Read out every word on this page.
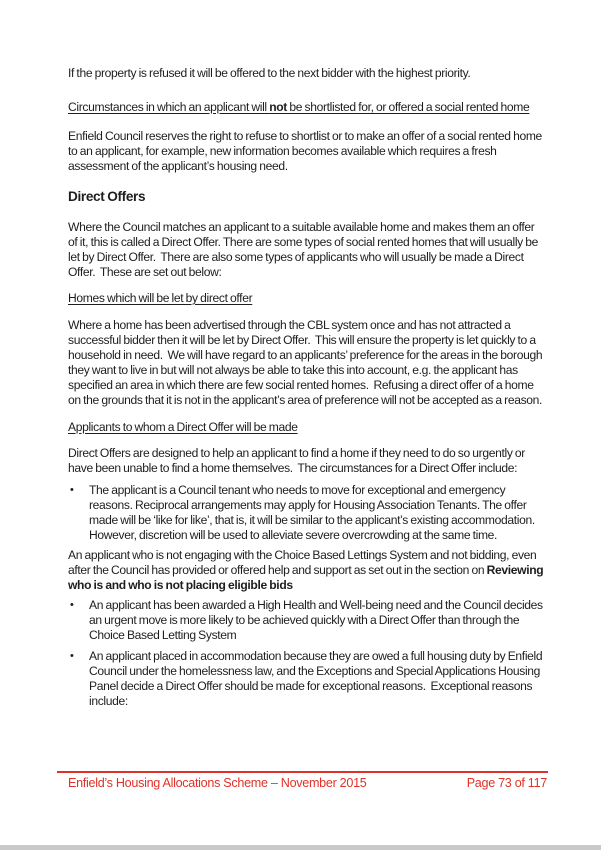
If the property is refused it will be offered to the next bidder with the highest priority.

Circumstances in which an applicant will not be shortlisted for, or offered a social rented home

Enfield Council reserves the right to refuse to shortlist or to make an offer of a social rented home to an applicant, for example, new information becomes available which requires a fresh assessment of the applicant’s housing need.

Direct Offers

Where the Council matches an applicant to a suitable available home and makes them an offer of it, this is called a Direct Offer. There are some types of social rented homes that will usually be let by Direct Offer.  There are also some types of applicants who will usually be made a Direct Offer.  These are set out below:

Homes which will be let by direct offer

Where a home has been advertised through the CBL system once and has not attracted a successful bidder then it will be let by Direct Offer.  This will ensure the property is let quickly to a household in need.  We will have regard to an applicants’ preference for the areas in the borough they want to live in but will not always be able to take this into account, e.g. the applicant has specified an area in which there are few social rented homes.  Refusing a direct offer of a home on the grounds that it is not in the applicant’s area of preference will not be accepted as a reason.

Applicants to whom a Direct Offer will be made

Direct Offers are designed to help an applicant to find a home if they need to do so urgently or have been unable to find a home themselves.  The circumstances for a Direct Offer include:

•	The applicant is a Council tenant who needs to move for exceptional and emergency reasons. Reciprocal arrangements may apply for Housing Association Tenants. The offer made will be ‘like for like’, that is, it will be similar to the applicant’s existing accommodation.  However, discretion will be used to alleviate severe overcrowding at the same time.

An applicant who is not engaging with the Choice Based Lettings System and not bidding, even after the Council has provided or offered help and support as set out in the section on Reviewing who is and who is not placing eligible bids

•	An applicant has been awarded a High Health and Well-being need and the Council decides an urgent move is more likely to be achieved quickly with a Direct Offer than through the Choice Based Letting System
•	An applicant placed in accommodation because they are owed a full housing duty by Enfield Council under the homelessness law, and the Exceptions and Special Applications Housing Panel decide a Direct Offer should be made for exceptional reasons.  Exceptional reasons include:
Enfield’s Housing Allocations Scheme – November 2015	Page 73 of 117
